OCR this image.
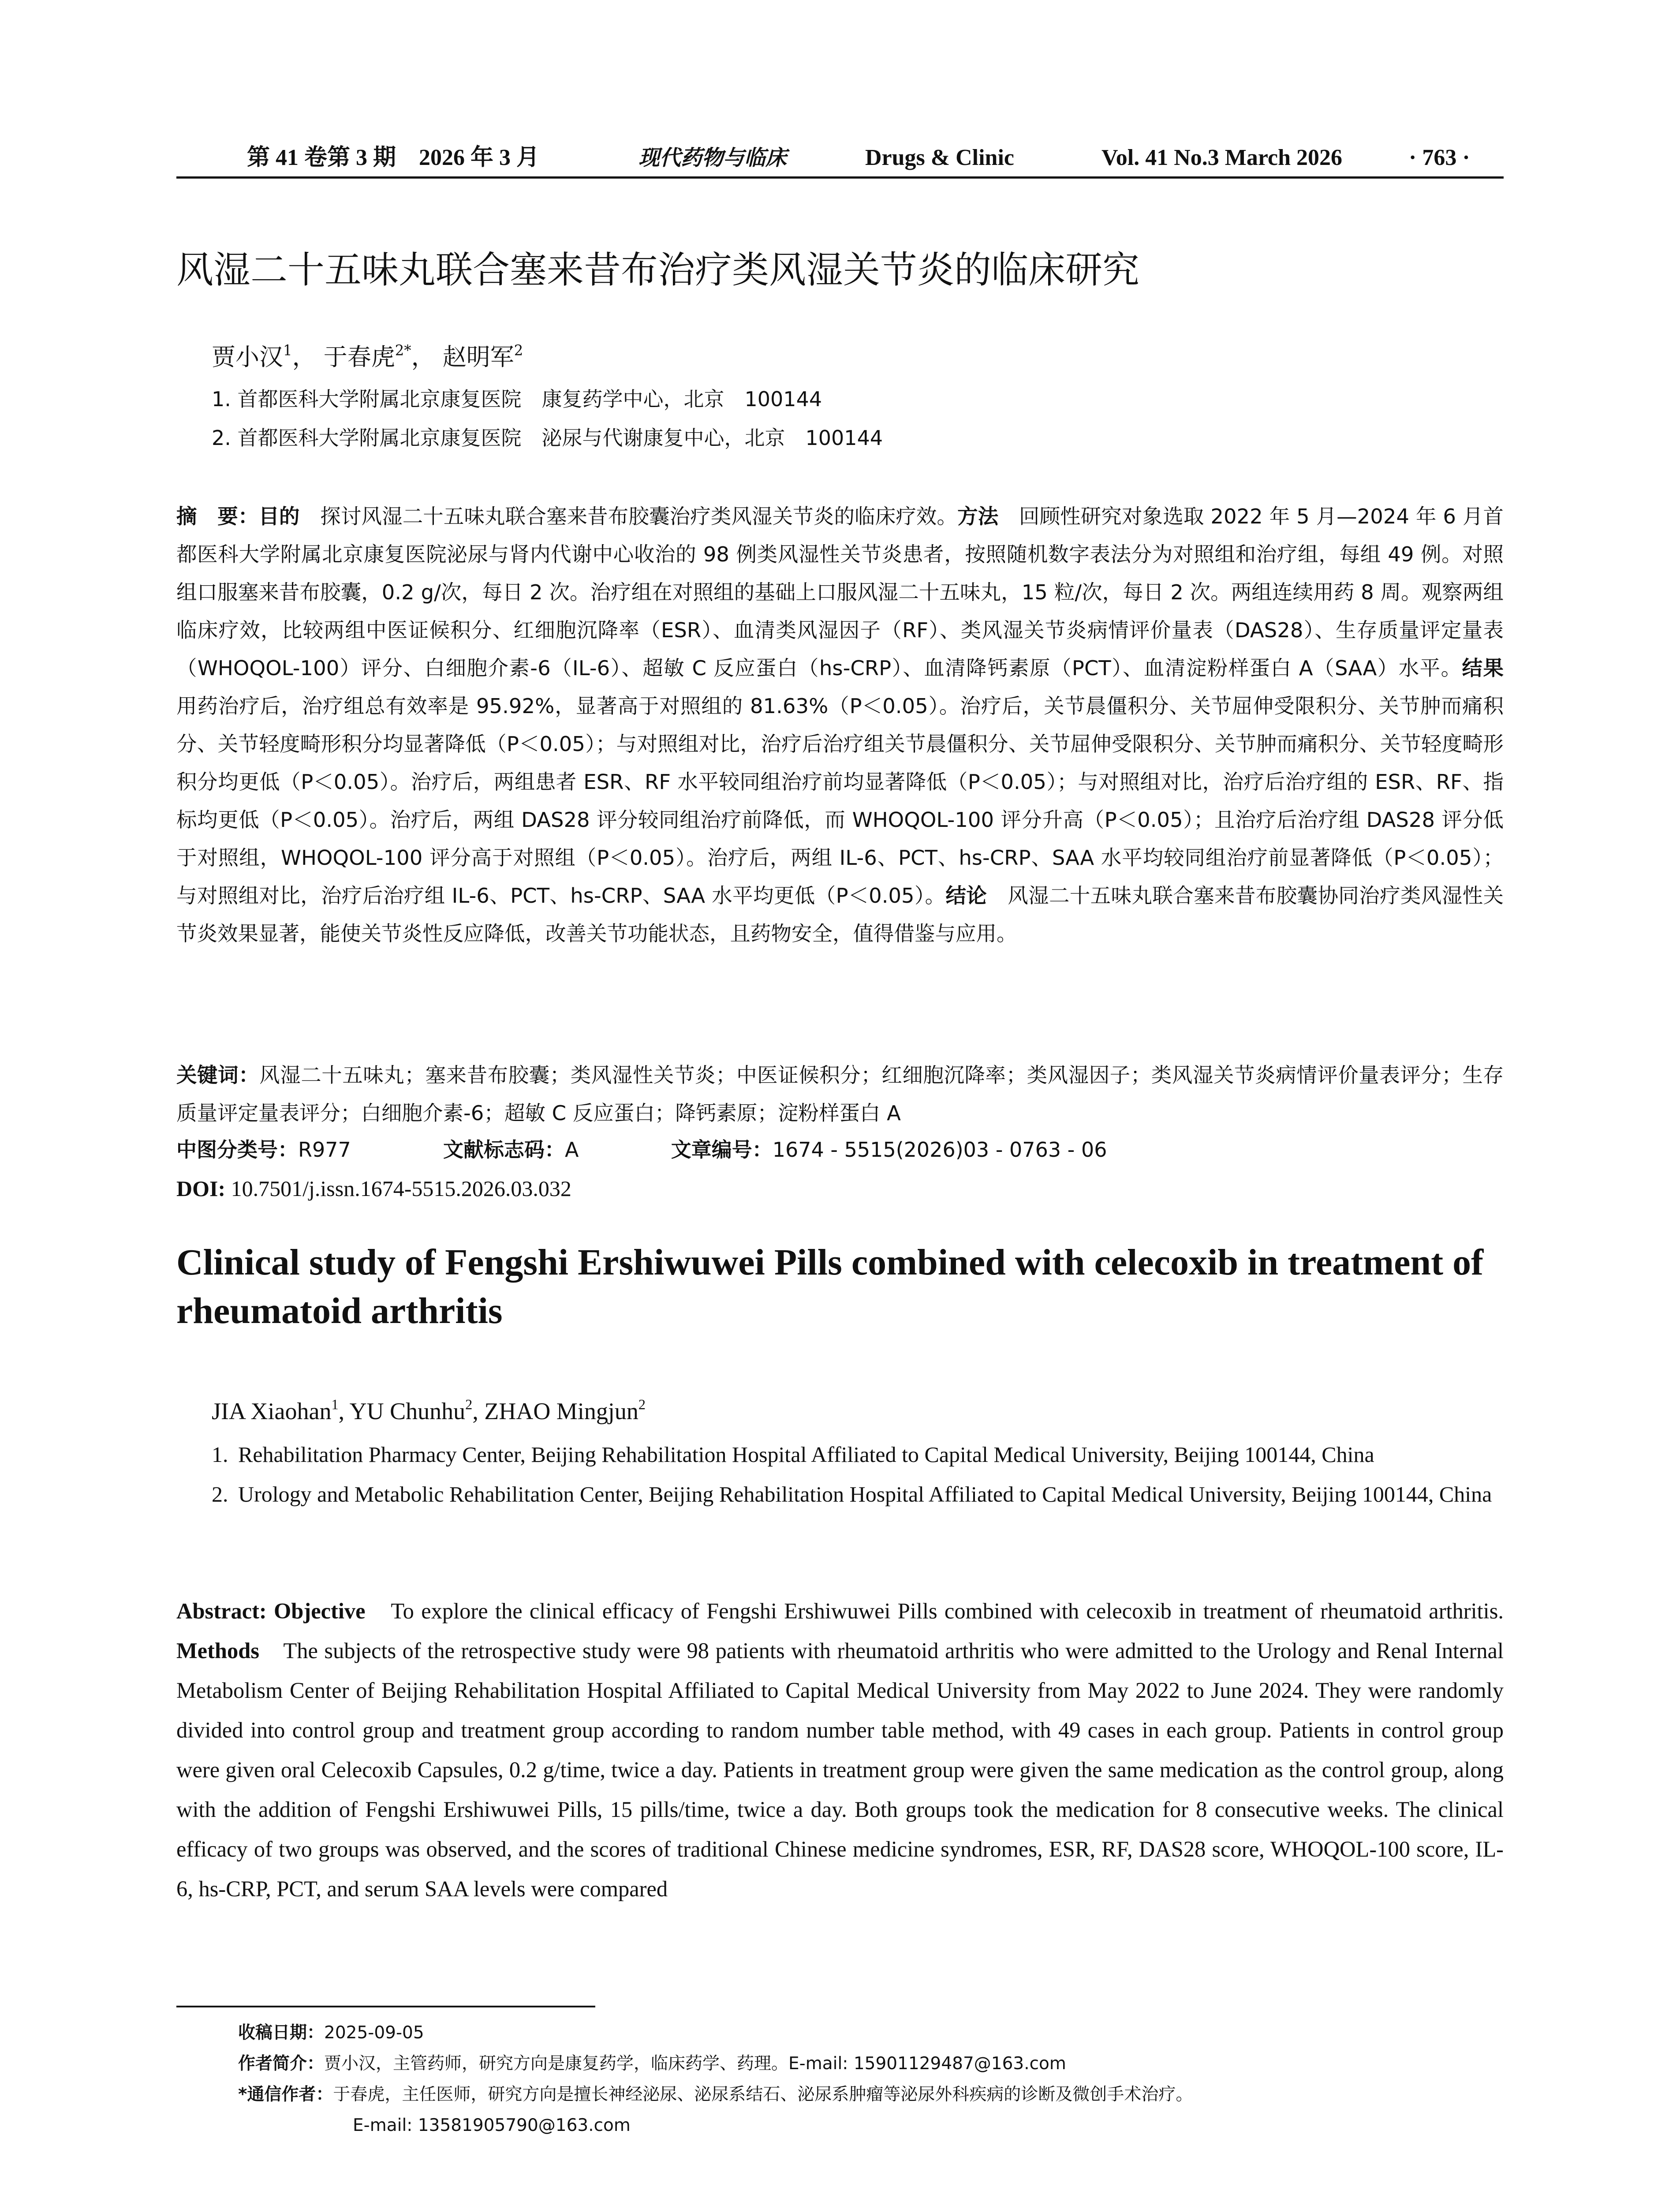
第 41 卷第 3 期　2026 年 3 月	现代药物与临床	Drugs & Clinic	Vol. 41 No.3 March 2026	· 763 ·
风湿二十五味丸联合塞来昔布治疗类风湿关节炎的临床研究
贾小汉$^1$， 于春虎$^{2*}$， 赵明军$^2$
1. 首都医科大学附属北京康复医院　康复药学中心，北京　100144
2. 首都医科大学附属北京康复医院　泌尿与代谢康复中心，北京　100144
摘　要：目的　 探讨风湿二十五味丸联合塞来昔布胶囊治疗类风湿关节炎的临床疗效。方法　 回顾性研究对象选取 2022 年 5 月—2024 年 6 月首都医科大学附属北京康复医院泌尿与肾内代谢中心收治的 98 例类风湿性关节炎患者，按照随机数字表法分为对照组和治疗组，每组 49 例。对照组口服塞来昔布胶囊，0.2 g/次，每日 2 次。治疗组在对照组的基础上口服风湿二十五味丸，15 粒/次，每日 2 次。两组连续用药 8 周。观察两组临床疗效，比较两组中医证候积分、红细胞沉降率（ESR）、血清类风湿因子（RF）、类风湿关节炎病情评价量表（DAS28）、生存质量评定量表（WHOQOL-100）评分、白细胞介素-6（IL-6）、超敏 C 反应蛋白（hs-CRP）、血清降钙素原（PCT）、血清淀粉样蛋白 A（SAA）水平。结果　用药治疗后，治疗组总有效率是 95.92%，显著高于对照组的 81.63%（P＜0.05）。治疗后，关节晨僵积分、关节屈伸受限积分、关节肿而痛积分、关节轻度畸形积分均显著降低（P＜0.05）；与对照组对比，治疗后治疗组关节晨僵积分、关节屈伸受限积分、关节肿而痛积分、关节轻度畸形积分均更低（P＜0.05）。治疗后，两组患者 ESR、RF 水平较同组治疗前均显著降低（P＜0.05）；与对照组对比，治疗后治疗组的 ESR、RF、指标均更低（P＜0.05）。治疗后，两组 DAS28 评分较同组治疗前降低，而 WHOQOL-100 评分升高（P＜0.05）；且治疗后治疗组 DAS28 评分低于对照组，WHOQOL-100 评分高于对照组（P＜0.05）。治疗后，两组 IL-6、PCT、hs-CRP、SAA 水平均较同组治疗前显著降低（P＜0.05）；与对照组对比，治疗后治疗组 IL-6、PCT、hs-CRP、SAA 水平均更低（P＜0.05）。结论　 风湿二十五味丸联合塞来昔布胶囊协同治疗类风湿性关节炎效果显著，能使关节炎性反应降低，改善关节功能状态，且药物安全，值得借鉴与应用。
关键词：风湿二十五味丸；塞来昔布胶囊；类风湿性关节炎；中医证候积分；红细胞沉降率；类风湿因子；类风湿关节炎病情评价量表评分；生存质量评定量表评分；白细胞介素-6；超敏 C 反应蛋白；降钙素原；淀粉样蛋白 A
中图分类号：R977	文献标志码：A	文章编号：1674 - 5515(2026)03 - 0763 - 06
DOI: 10.7501/j.issn.1674-5515.2026.03.032
Clinical study of Fengshi Ershiwuwei Pills combined with celecoxib in treatment of rheumatoid arthritis
JIA Xiaohan$^1$, YU Chunhu$^2$, ZHAO Mingjun$^2$
1. Rehabilitation Pharmacy Center, Beijing Rehabilitation Hospital Affiliated to Capital Medical University, Beijing 100144, China
2. Urology and Metabolic Rehabilitation Center, Beijing Rehabilitation Hospital Affiliated to Capital Medical University, Beijing 100144, China
Abstract: Objective　 To explore the clinical efficacy of Fengshi Ershiwuwei Pills combined with celecoxib in treatment of rheumatoid arthritis. Methods　 The subjects of the retrospective study were 98 patients with rheumatoid arthritis who were admitted to the Urology and Renal Internal Metabolism Center of Beijing Rehabilitation Hospital Affiliated to Capital Medical University from May 2022 to June 2024. They were randomly divided into control group and treatment group according to random number table method, with 49 cases in each group. Patients in control group were given oral Celecoxib Capsules, 0.2 g/time, twice a day. Patients in treatment group were given the same medication as the control group, along with the addition of Fengshi Ershiwuwei Pills, 15 pills/time, twice a day. Both groups took the medication for 8 consecutive weeks. The clinical efficacy of two groups was observed, and the scores of traditional Chinese medicine syndromes, ESR, RF, DAS28 score, WHOQOL-100 score, IL-6, hs-CRP, PCT, and serum SAA levels were compared
收稿日期：2025-09-05
作者简介：贾小汉，主管药师，研究方向是康复药学，临床药学、药理。E-mail: 15901129487@163.com
*通信作者：于春虎，主任医师，研究方向是擅长神经泌尿、泌尿系结石、泌尿系肿瘤等泌尿外科疾病的诊断及微创手术治疗。
E-mail: 13581905790@163.com
